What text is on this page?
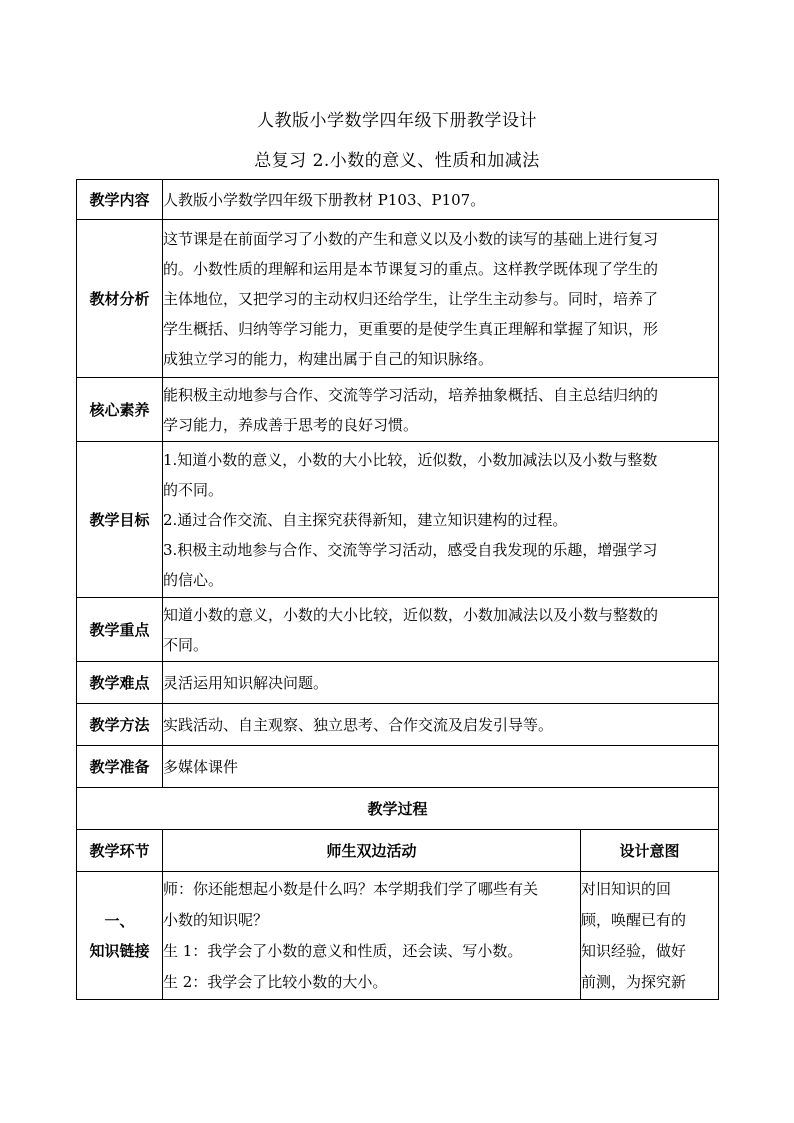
人教版小学数学四年级下册教学设计
总复习 2.小数的意义、性质和加减法
教学内容	人教版小学数学四年级下册教材 P103、P107。	

教材分析	这节课是在前面学习了小数的产生和意义以及小数的读写的基础上进行复习
的。小数性质的理解和运用是本节课复习的重点。这样教学既体现了学生的
主体地位，又把学习的主动权归还给学生，让学生主动参与。同时，培养了
学生概括、归纳等学习能力，更重要的是使学生真正理解和掌握了知识，形
成独立学习的能力，构建出属于自己的知识脉络。	

核心素养	能积极主动地参与合作、交流等学习活动，培养抽象概括、自主总结归纳的
学习能力，养成善于思考的良好习惯。	

教学目标	1.知道小数的意义，小数的大小比较，近似数，小数加减法以及小数与整数
的不同。
2.通过合作交流、自主探究获得新知，建立知识建构的过程。
3.积极主动地参与合作、交流等学习活动，感受自我发现的乐趣，增强学习
的信心。	

教学重点	知道小数的意义，小数的大小比较，近似数，小数加减法以及小数与整数的
不同。	

教学难点	灵活运用知识解决问题。	

教学方法	实践活动、自主观察、独立思考、合作交流及启发引导等。	

教学准备	多媒体课件	

教学过程		
教学环节	师生双边活动	设计意图

一、
知识链接	师：你还能想起小数是什么吗？本学期我们学了哪些有关
小数的知识呢？
生 1：我学会了小数的意义和性质，还会读、写小数。
生 2：我学会了比较小数的大小。	对旧知识的回
顾，唤醒已有的
知识经验，做好
前测，为探究新
